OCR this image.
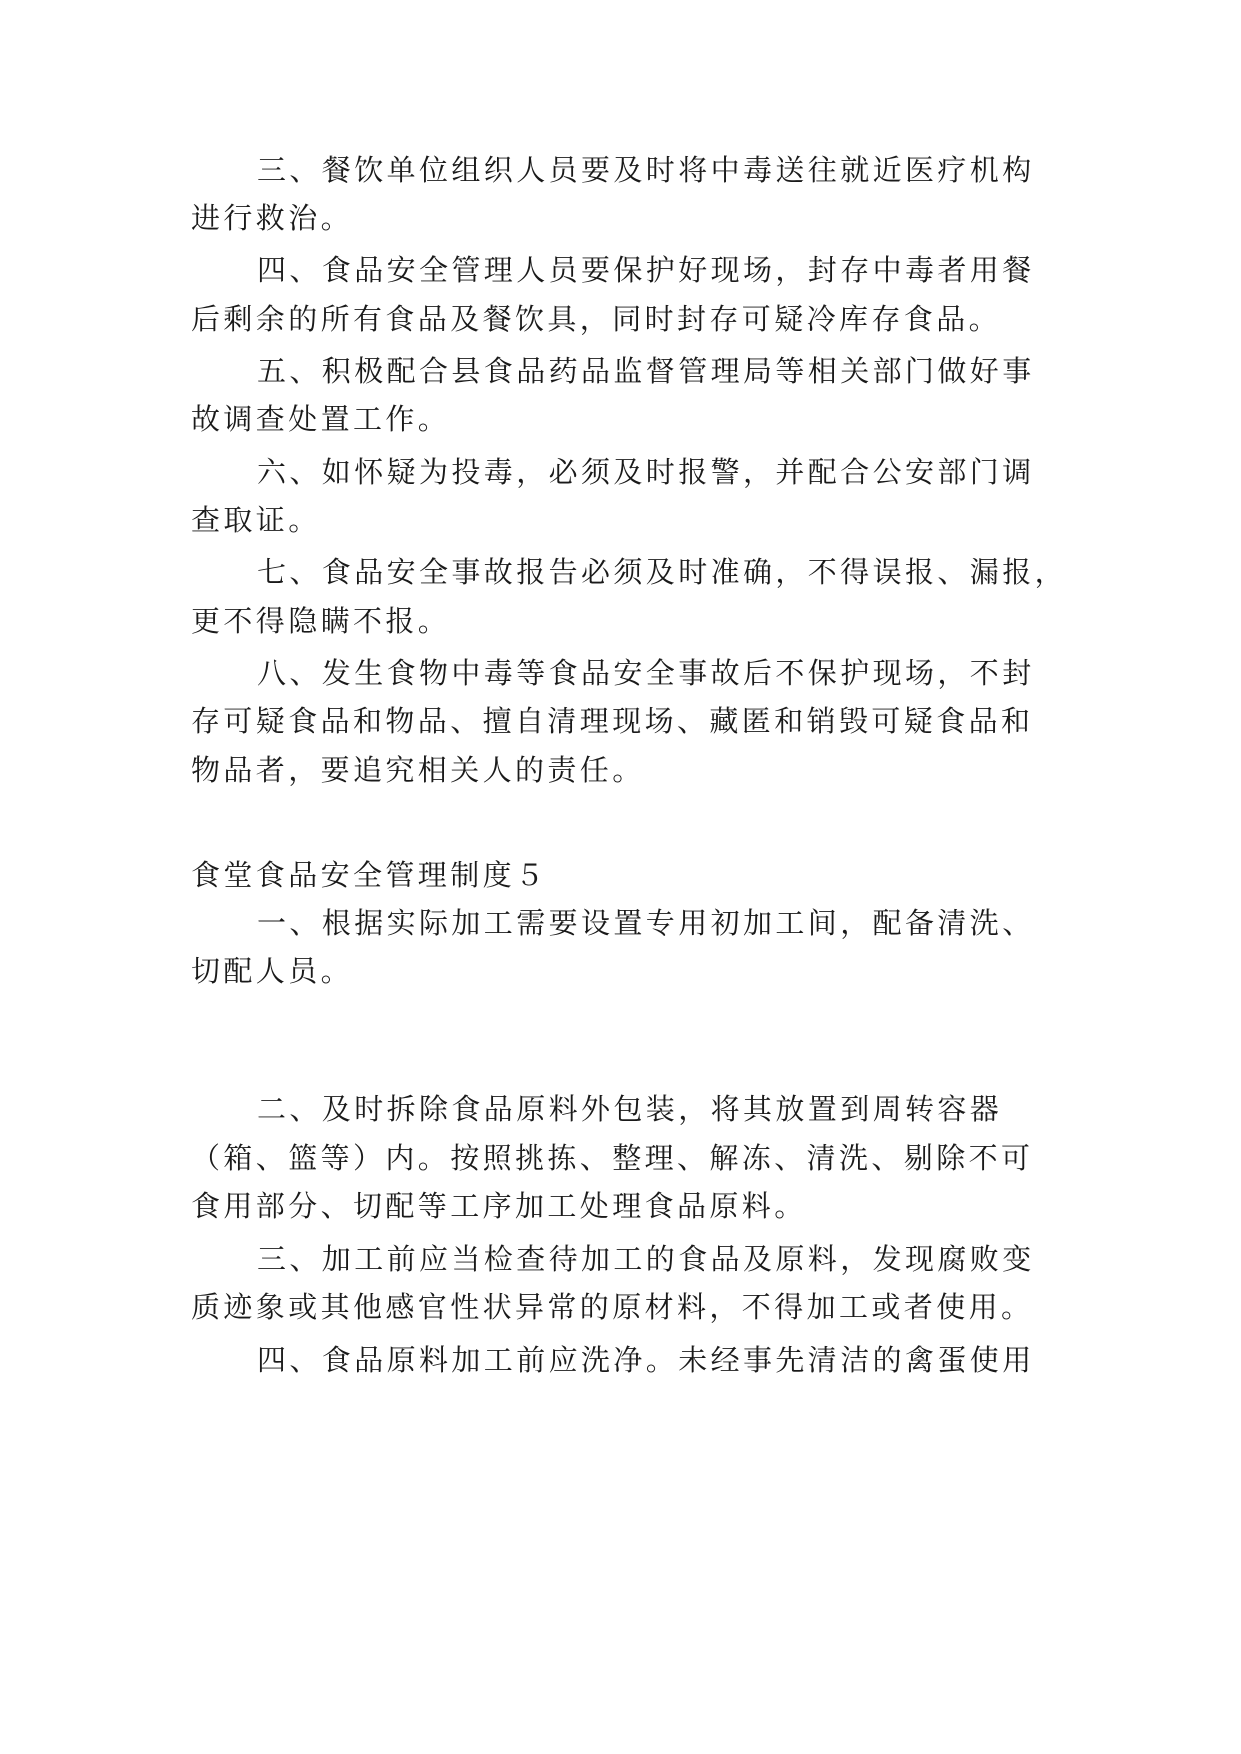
三、餐饮单位组织人员要及时将中毒送往就近医疗机构

进行救治。

四、食品安全管理人员要保护好现场，封存中毒者用餐

后剩余的所有食品及餐饮具，同时封存可疑冷库存食品。

五、积极配合县食品药品监督管理局等相关部门做好事

故调查处置工作。

六、如怀疑为投毒，必须及时报警，并配合公安部门调

查取证。

七、食品安全事故报告必须及时准确，不得误报、漏报，

更不得隐瞒不报。

八、发生食物中毒等食品安全事故后不保护现场，不封

存可疑食品和物品、擅自清理现场、藏匿和销毁可疑食品和

物品者，要追究相关人的责任。

食堂食品安全管理制度５

一、根据实际加工需要设置专用初加工间，配备清洗、

切配人员。

二、及时拆除食品原料外包装，将其放置到周转容器

（箱、篮等）内。按照挑拣、整理、解冻、清洗、剔除不可

食用部分、切配等工序加工处理食品原料。

三、加工前应当检查待加工的食品及原料，发现腐败变

质迹象或其他感官性状异常的原材料，不得加工或者使用。

四、食品原料加工前应洗净。未经事先清洁的禽蛋使用
